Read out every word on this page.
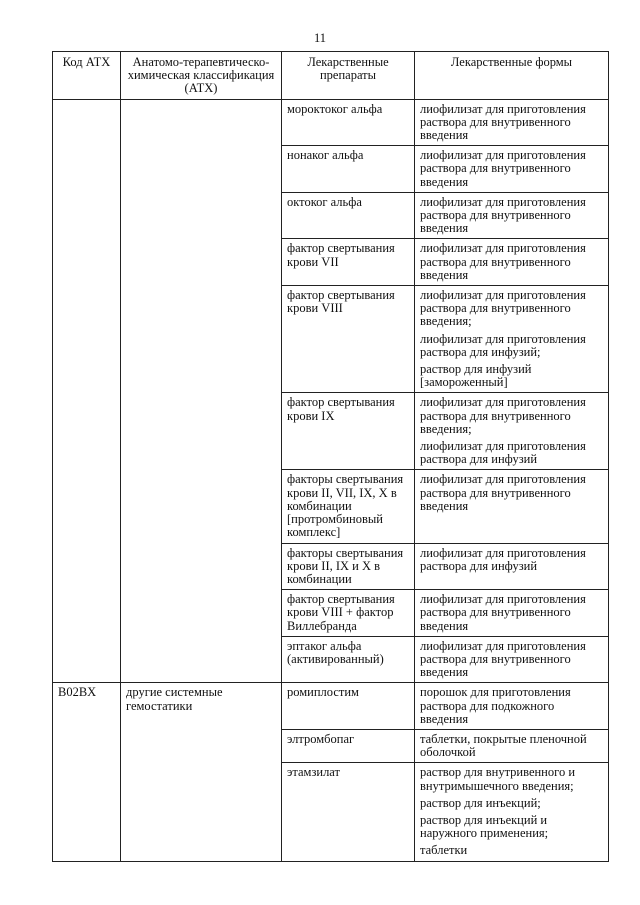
11
Код АТХ	Анатомо-терапевтическо-химическая классификация (АТХ)	Лекарственные препараты	Лекарственные формы
		мороктоког альфа	лиофилизат для приготовления раствора для внутривенного введения

		нонаког альфа	лиофилизат для приготовления раствора для внутривенного введения

		октоког альфа	лиофилизат для приготовления раствора для внутривенного введения

		фактор свертывания крови VII	лиофилизат для приготовления раствора для внутривенного введения

		фактор свертывания крови VIII	лиофилизат для приготовления раствора для внутривенного введения;
лиофилизат для приготовления раствора для инфузий;
раствор для инфузий [замороженный]

		фактор свертывания крови IX	лиофилизат для приготовления раствора для внутривенного введения;
лиофилизат для приготовления раствора для инфузий

		факторы свертывания крови II, VII, IX, X в комбинации [протромбиновый комплекс]	лиофилизат для приготовления раствора для внутривенного введения

		факторы свертывания крови II, IX и X в комбинации	лиофилизат для приготовления раствора для инфузий

		фактор свертывания крови VIII + фактор Виллебранда	лиофилизат для приготовления раствора для внутривенного введения

		эптаког альфа (активированный)	лиофилизат для приготовления раствора для внутривенного введения

B02BX	другие системные гемостатики	ромиплостим	порошок для приготовления раствора для подкожного введения

		элтромбопаг	таблетки, покрытые пленочной оболочкой

		этамзилат	раствор для внутривенного и внутримышечного введения;
раствор для инъекций;
раствор для инъекций и наружного применения;
таблетки
